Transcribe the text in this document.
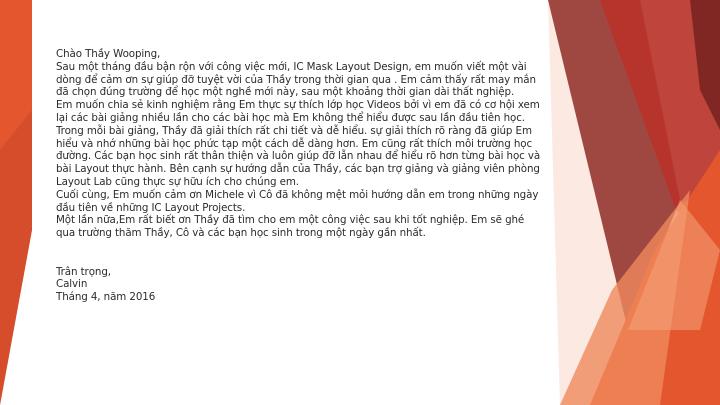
Chào Thầy Wooping,

Sau một tháng đầu bận rộn với công việc mới, IC Mask Layout Design, em muốn viết một vài dòng để cảm ơn sự giúp đỡ tuyệt vời của Thầy trong thời gian qua . Em cảm thấy rất may mắn đã chọn đúng trường để học một nghề mới này, sau một khoảng thời gian dài thất nghiệp.

Em muốn chia sẻ kinh nghiệm rằng Em thực sự thích lớp học Videos bởi vì em đã có cơ hội xem lại các bài giảng nhiều lần cho các bài học mà Em không thể hiểu được sau lần đầu tiên học. Trong mỗi bài giảng, Thầy đã giải thích rất chi tiết và dễ hiểu. sự giải thích rõ ràng đã giúp Em hiểu và nhớ những bài học phức tạp một cách dễ dàng hơn. Em cũng rất thích môi trường học đường. Các bạn học sinh rất thân thiện và luôn giúp đỡ lẫn nhau để hiểu rõ hơn từng bài học và bài Layout thực hành. Bên cạnh sự hướng dẫn của Thầy, các bạn trợ giảng và giảng viên phòng Layout Lab cũng thực sự hữu ích cho chúng em.

Cuối cùng, Em muốn cảm ơn Michele vì Cô đã không mệt mỏi hướng dẫn em trong những ngày đầu tiên về những IC Layout Projects.

Một lần nữa,Em rất biết ơn Thầy đã tìm cho em một công việc sau khi tốt nghiệp. Em sẽ ghé qua trường thăm Thầy, Cô và các bạn học sinh trong một ngày gần nhất.

Trân trọng,

Calvin

Tháng 4, năm 2016
